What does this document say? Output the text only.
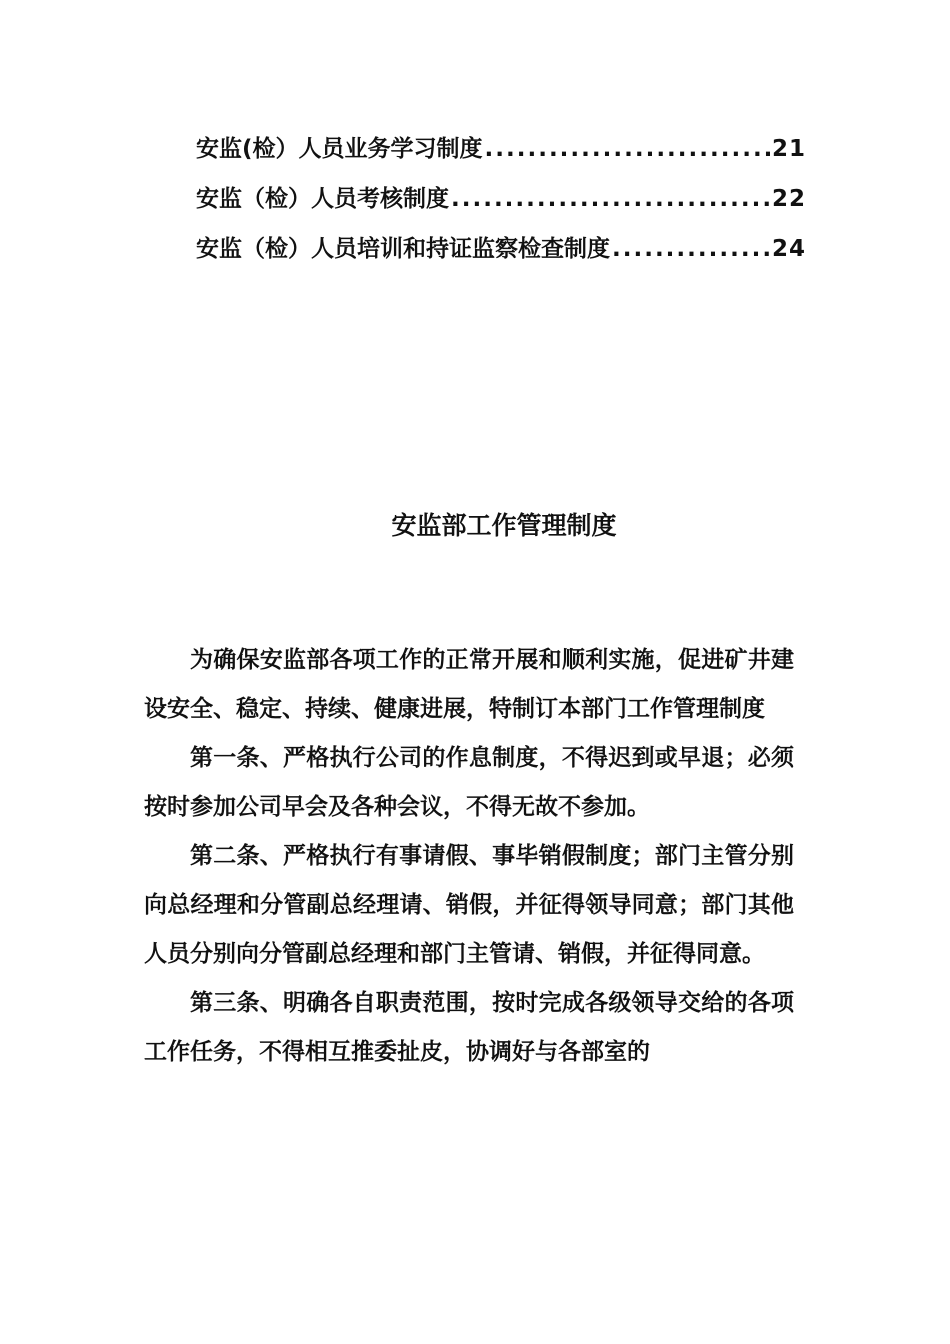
安监(检）人员业务学习制度 .....	21
安监（检）人员考核制度 .....	22
安监（检）人员培训和持证监察检查制度 .....	24
安监部工作管理制度

为确保安监部各项工作的正常开展和顺利实施，促进矿井建设安全、稳定、持续、健康进展，特制订本部门工作管理制度

第一条、严格执行公司的作息制度，不得迟到或早退；必须按时参加公司早会及各种会议，不得无故不参加。

第二条、严格执行有事请假、事毕销假制度；部门主管分别向总经理和分管副总经理请、销假，并征得领导同意；部门其他人员分别向分管副总经理和部门主管请、销假，并征得同意。

第三条、明确各自职责范围，按时完成各级领导交给的各项工作任务，不得相互推委扯皮，协调好与各部室的
